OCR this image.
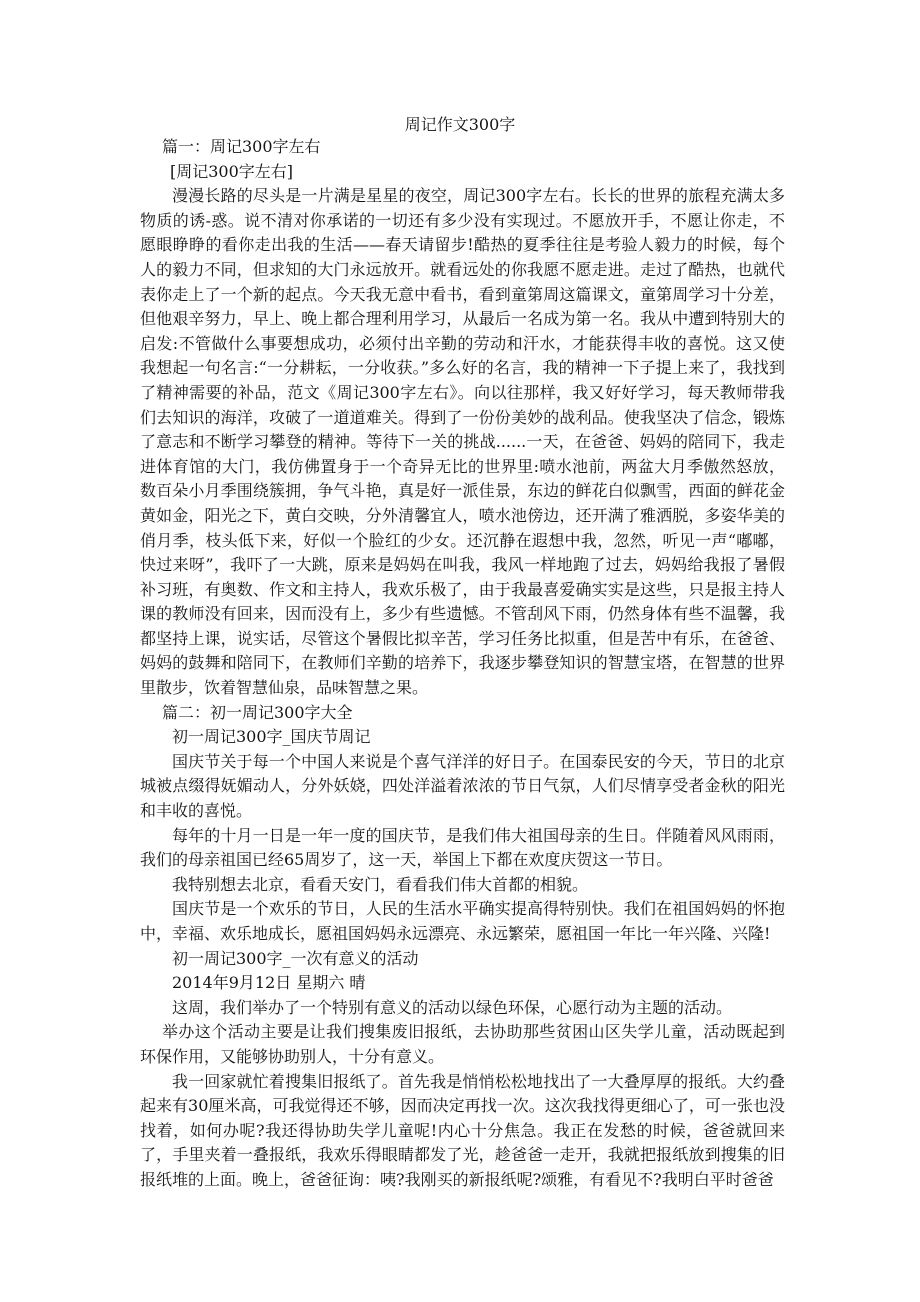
周记作文300字

篇一：周记300字左右

[周记300字左右]

漫漫长路的尽头是一片满是星星的夜空，周记300字左右。长长的世界的旅程充满太多物质的诱-惑。说不清对你承诺的一切还有多少没有实现过。不愿放开手，不愿让你走，不愿眼睁睁的看你走出我的生活——春天请留步!酷热的夏季往往是考验人毅力的时候，每个人的毅力不同，但求知的大门永远放开。就看远处的你我愿不愿走进。走过了酷热，也就代表你走上了一个新的起点。今天我无意中看书，看到童第周这篇课文，童第周学习十分差，但他艰辛努力，早上、晚上都合理利用学习，从最后一名成为第一名。我从中遭到特别大的启发:不管做什么事要想成功，必须付出辛勤的劳动和汗水，才能获得丰收的喜悦。这又使我想起一句名言:“一分耕耘，一分收获。”多么好的名言，我的精神一下子提上来了，我找到了精神需要的补品，范文《周记300字左右》。向以往那样，我又好好学习，每天教师带我们去知识的海洋，攻破了一道道难关。得到了一份份美妙的战利品。使我坚决了信念，锻炼了意志和不断学习攀登的精神。等待下一关的挑战......一天，在爸爸、妈妈的陪同下，我走进体育馆的大门，我仿佛置身于一个奇异无比的世界里:喷水池前，两盆大月季傲然怒放，数百朵小月季围绕簇拥，争气斗艳，真是好一派佳景，东边的鲜花白似飘雪，西面的鲜花金黄如金，阳光之下，黄白交映，分外清馨宜人，喷水池傍边，还开满了雅洒脱，多姿华美的俏月季，枝头低下来，好似一个脸红的少女。还沉静在遐想中我，忽然，听见一声“嘟嘟，快过来呀”，我吓了一大跳，原来是妈妈在叫我，我风一样地跑了过去，妈妈给我报了暑假补习班，有奥数、作文和主持人，我欢乐极了，由于我最喜爱确实实是这些，只是报主持人课的教师没有回来，因而没有上，多少有些遗憾。不管刮风下雨，仍然身体有些不温馨，我都坚持上课，说实话，尽管这个暑假比拟辛苦，学习任务比拟重，但是苦中有乐，在爸爸、妈妈的鼓舞和陪同下，在教师们辛勤的培养下，我逐步攀登知识的智慧宝塔，在智慧的世界里散步，饮着智慧仙泉，品味智慧之果。

篇二：初一周记300字大全

初一周记300字_国庆节周记

国庆节关于每一个中国人来说是个喜气洋洋的好日子。在国泰民安的今天，节日的北京城被点缀得妩媚动人，分外妖娆，四处洋溢着浓浓的节日气氛，人们尽情享受者金秋的阳光和丰收的喜悦。

每年的十月一日是一年一度的国庆节，是我们伟大祖国母亲的生日。伴随着风风雨雨，我们的母亲祖国已经65周岁了，这一天，举国上下都在欢度庆贺这一节日。

我特别想去北京，看看天安门，看看我们伟大首都的相貌。

国庆节是一个欢乐的节日，人民的生活水平确实提高得特别快。我们在祖国妈妈的怀抱中，幸福、欢乐地成长，愿祖国妈妈永远漂亮、永远繁荣，愿祖国一年比一年兴隆、兴隆!

初一周记300字_一次有意义的活动

2014年9月12日 星期六 晴

这周，我们举办了一个特别有意义的活动以绿色环保，心愿行动为主题的活动。

举办这个活动主要是让我们搜集废旧报纸，去协助那些贫困山区失学儿童，活动既起到环保作用，又能够协助别人，十分有意义。

我一回家就忙着搜集旧报纸了。首先我是悄悄松松地找出了一大叠厚厚的报纸。大约叠起来有30厘米高，可我觉得还不够，因而决定再找一次。这次我找得更细心了，可一张也没找着，如何办呢?我还得协助失学儿童呢!内心十分焦急。我正在发愁的时候，爸爸就回来了，手里夹着一叠报纸，我欢乐得眼睛都发了光，趁爸爸一走开，我就把报纸放到搜集的旧报纸堆的上面。晚上，爸爸征询：咦?我刚买的新报纸呢?颂雅，有看见不?我明白平时爸爸
